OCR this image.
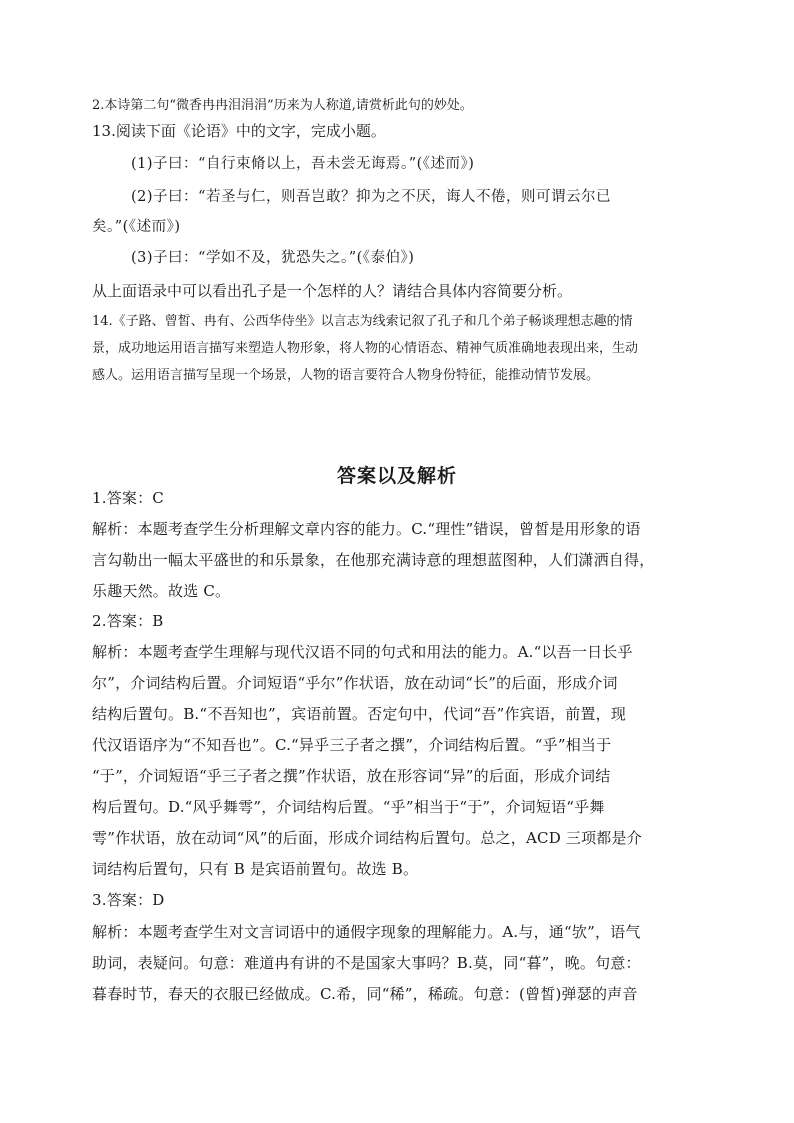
2.本诗第二句“微香冉冉泪涓涓”历来为人称道,请赏析此句的妙处。
13.阅读下面《论语》中的文字，完成小题。
(1)子曰：“自行束脩以上，吾未尝无诲焉。”(《述而》)
(2)子曰：“若圣与仁，则吾岂敢？抑为之不厌，诲人不倦，则可谓云尔已
矣。”(《述而》)
(3)子曰：“学如不及，犹恐失之。”(《泰伯》)
从上面语录中可以看出孔子是一个怎样的人？请结合具体内容简要分析。
14.《子路、曾皙、冉有、公西华侍坐》以言志为线索记叙了孔子和几个弟子畅谈理想志趣的情
景，成功地运用语言描写来塑造人物形象，将人物的心情语态、精神气质准确地表现出来，生动
感人。运用语言描写呈现一个场景，人物的语言要符合人物身份特征，能推动情节发展。
答案以及解析
1.答案：C
解析：本题考查学生分析理解文章内容的能力。C.“理性”错误，曾皙是用形象的语
言勾勒出一幅太平盛世的和乐景象，在他那充满诗意的理想蓝图种，人们潇洒自得，
乐趣天然。故选 C。
2.答案：B
解析：本题考查学生理解与现代汉语不同的句式和用法的能力。A.“以吾一日长乎
尔”，介词结构后置。介词短语“乎尔”作状语，放在动词“长”的后面，形成介词
结构后置句。B.“不吾知也”，宾语前置。否定句中，代词“吾”作宾语，前置，现
代汉语语序为“不知吾也”。C.“异乎三子者之撰”，介词结构后置。“乎”相当于
“于”，介词短语“乎三子者之撰”作状语，放在形容词“异”的后面，形成介词结
构后置句。D.“风乎舞雩”，介词结构后置。“乎”相当于“于”，介词短语“乎舞
雩”作状语，放在动词“风”的后面，形成介词结构后置句。总之，ACD 三项都是介
词结构后置句，只有 B 是宾语前置句。故选 B。
3.答案：D
解析：本题考查学生对文言词语中的通假字现象的理解能力。A.与，通“欤”，语气
助词，表疑问。句意：难道冉有讲的不是国家大事吗？B.莫，同“暮”，晚。句意：
暮春时节，春天的衣服已经做成。C.希，同“稀”，稀疏。句意：(曾皙)弹瑟的声音
